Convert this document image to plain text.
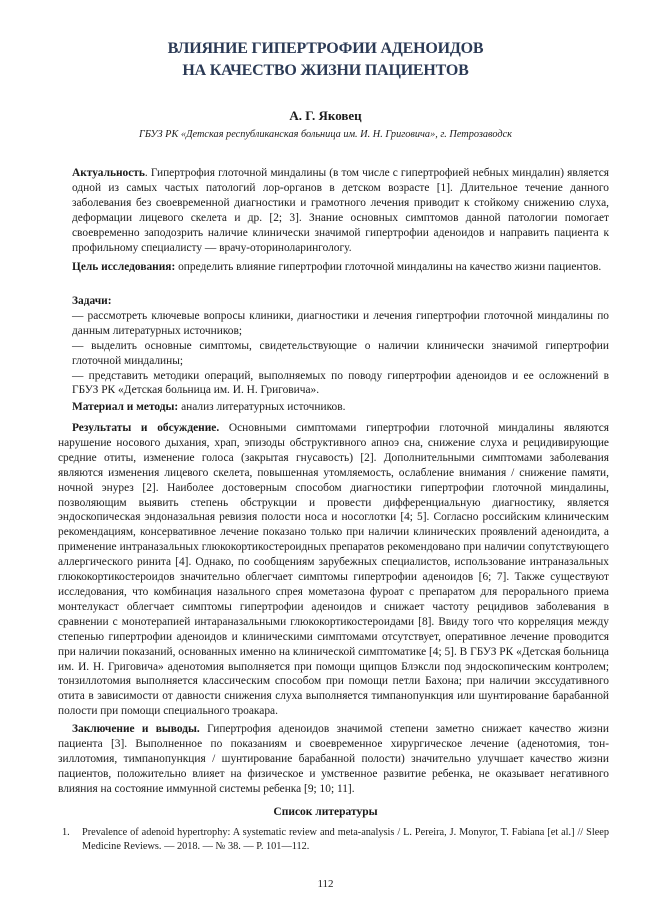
ВЛИЯНИЕ ГИПЕРТРОФИИ АДЕНОИДОВ
НА КАЧЕСТВО ЖИЗНИ ПАЦИЕНТОВ
А. Г. Яковец
ГБУЗ РК «Детская республиканская больница им. И. Н. Григовича», г. Петрозаводск

Актуальность. Гипертрофия глоточной миндалины (в том числе с гипертрофией небных миндалин) является одной из самых частых патологий лор-органов в детском возрасте [1]. Длительное течение данного заболевания без своевременной диагностики и грамотного лечения приводит к стойкому снижению слуха, деформации лицевого скелета и др. [2; 3]. Знание основных симптомов данной патологии помогает своевременно заподозрить наличие клинически значимой гипертрофии аденоидов и направить пациента к профильному специалисту — врачу-оториноларингологу.

Цель исследования: определить влияние гипертрофии глоточной миндалины на качество жизни пациентов.

Задачи:

— рассмотреть ключевые вопросы клиники, диагностики и лечения гипертрофии глоточной миндалины по данным литературных источников;

— выделить основные симптомы, свидетельствующие о наличии клинически значимой гипертрофии глоточной миндалины;

— представить методики операций, выполняемых по поводу гипертрофии аденоидов и ее осложнений в ГБУЗ РК «Детская больница им. И. Н. Григовича».

Материал и методы: анализ литературных источников.

Результаты и обсуждение. Основными симптомами гипертрофии глоточной миндалины являются нарушение носового дыхания, храп, эпизоды обструктивного апноэ сна, снижение слуха и рецидивирующие средние отиты, изменение голоса (закрытая гнусавость) [2]. Дополнительными симптомами заболевания являются изменения лицевого скелета, повышенная утомляемость, ослабление внимания / снижение памяти, ночной энурез [2]. Наиболее достоверным способом диагностики гипертрофии глоточной миндалины, позволяющим выявить степень обструкции и провести дифференциальную диагностику, является эндоскопическая эндоназальная ревизия полости носа и носоглотки [4; 5]. Согласно российским клиническим рекомендациям, консервативное лечение показано только при наличии клинических проявлений аденоидита, а применение интраназальных глюкокортикостероидных препаратов рекомендовано при наличии сопутствующего аллергического ринита [4]. Однако, по сообщениям зарубежных специалистов, использование интраназальных глюкокортикостероидов значительно облегчает симптомы гипертрофии аденоидов [6; 7]. Также существуют исследования, что комбинация назального спрея мометазона фуроат с препаратом для перорального приема монтелукаст облегчает симптомы гипертрофии аденоидов и снижает частоту рецидивов заболевания в сравнении с монотерапией интараназальными глюкокортикостероидами [8]. Ввиду того что корреляция между степенью гипертрофии аденоидов и клиническими симптомами отсутствует, оперативное лечение проводится при наличии показаний, основанных именно на клинической симптоматике [4; 5]. В ГБУЗ РК «Детская больница им. И. Н. Григовича» аденотомия выполняется при помощи щипцов Блэксли под эндоскопическим контролем; тонзиллотомия выполняется классическим способом при помощи петли Бахона; при наличии экссудативного отита в зависимости от давности снижения слуха выполняется тимпанопункция или шунтирование барабанной полости при помощи специального троакара.

Заключение и выводы. Гипертрофия аденоидов значимой степени заметно снижает качество жизни пациента [3]. Выполненное по показаниям и своевременное хирургическое лечение (аденотомия, тонзиллотомия, тимпанопункция / шунтирование барабанной полости) значительно улучшает качество жизни пациентов, положительно влияет на физическое и умственное развитие ребенка, не оказывает негативного влияния на состояние иммунной системы ребенка [9; 10; 11].

Список литературы
1.	Prevalence of adenoid hypertrophy: A systematic review and meta-analysis / L. Pereira, J. Monyror, T. Fabiana [et al.] // Sleep Medicine Reviews. — 2018. — № 38. — P. 101—112.
112
